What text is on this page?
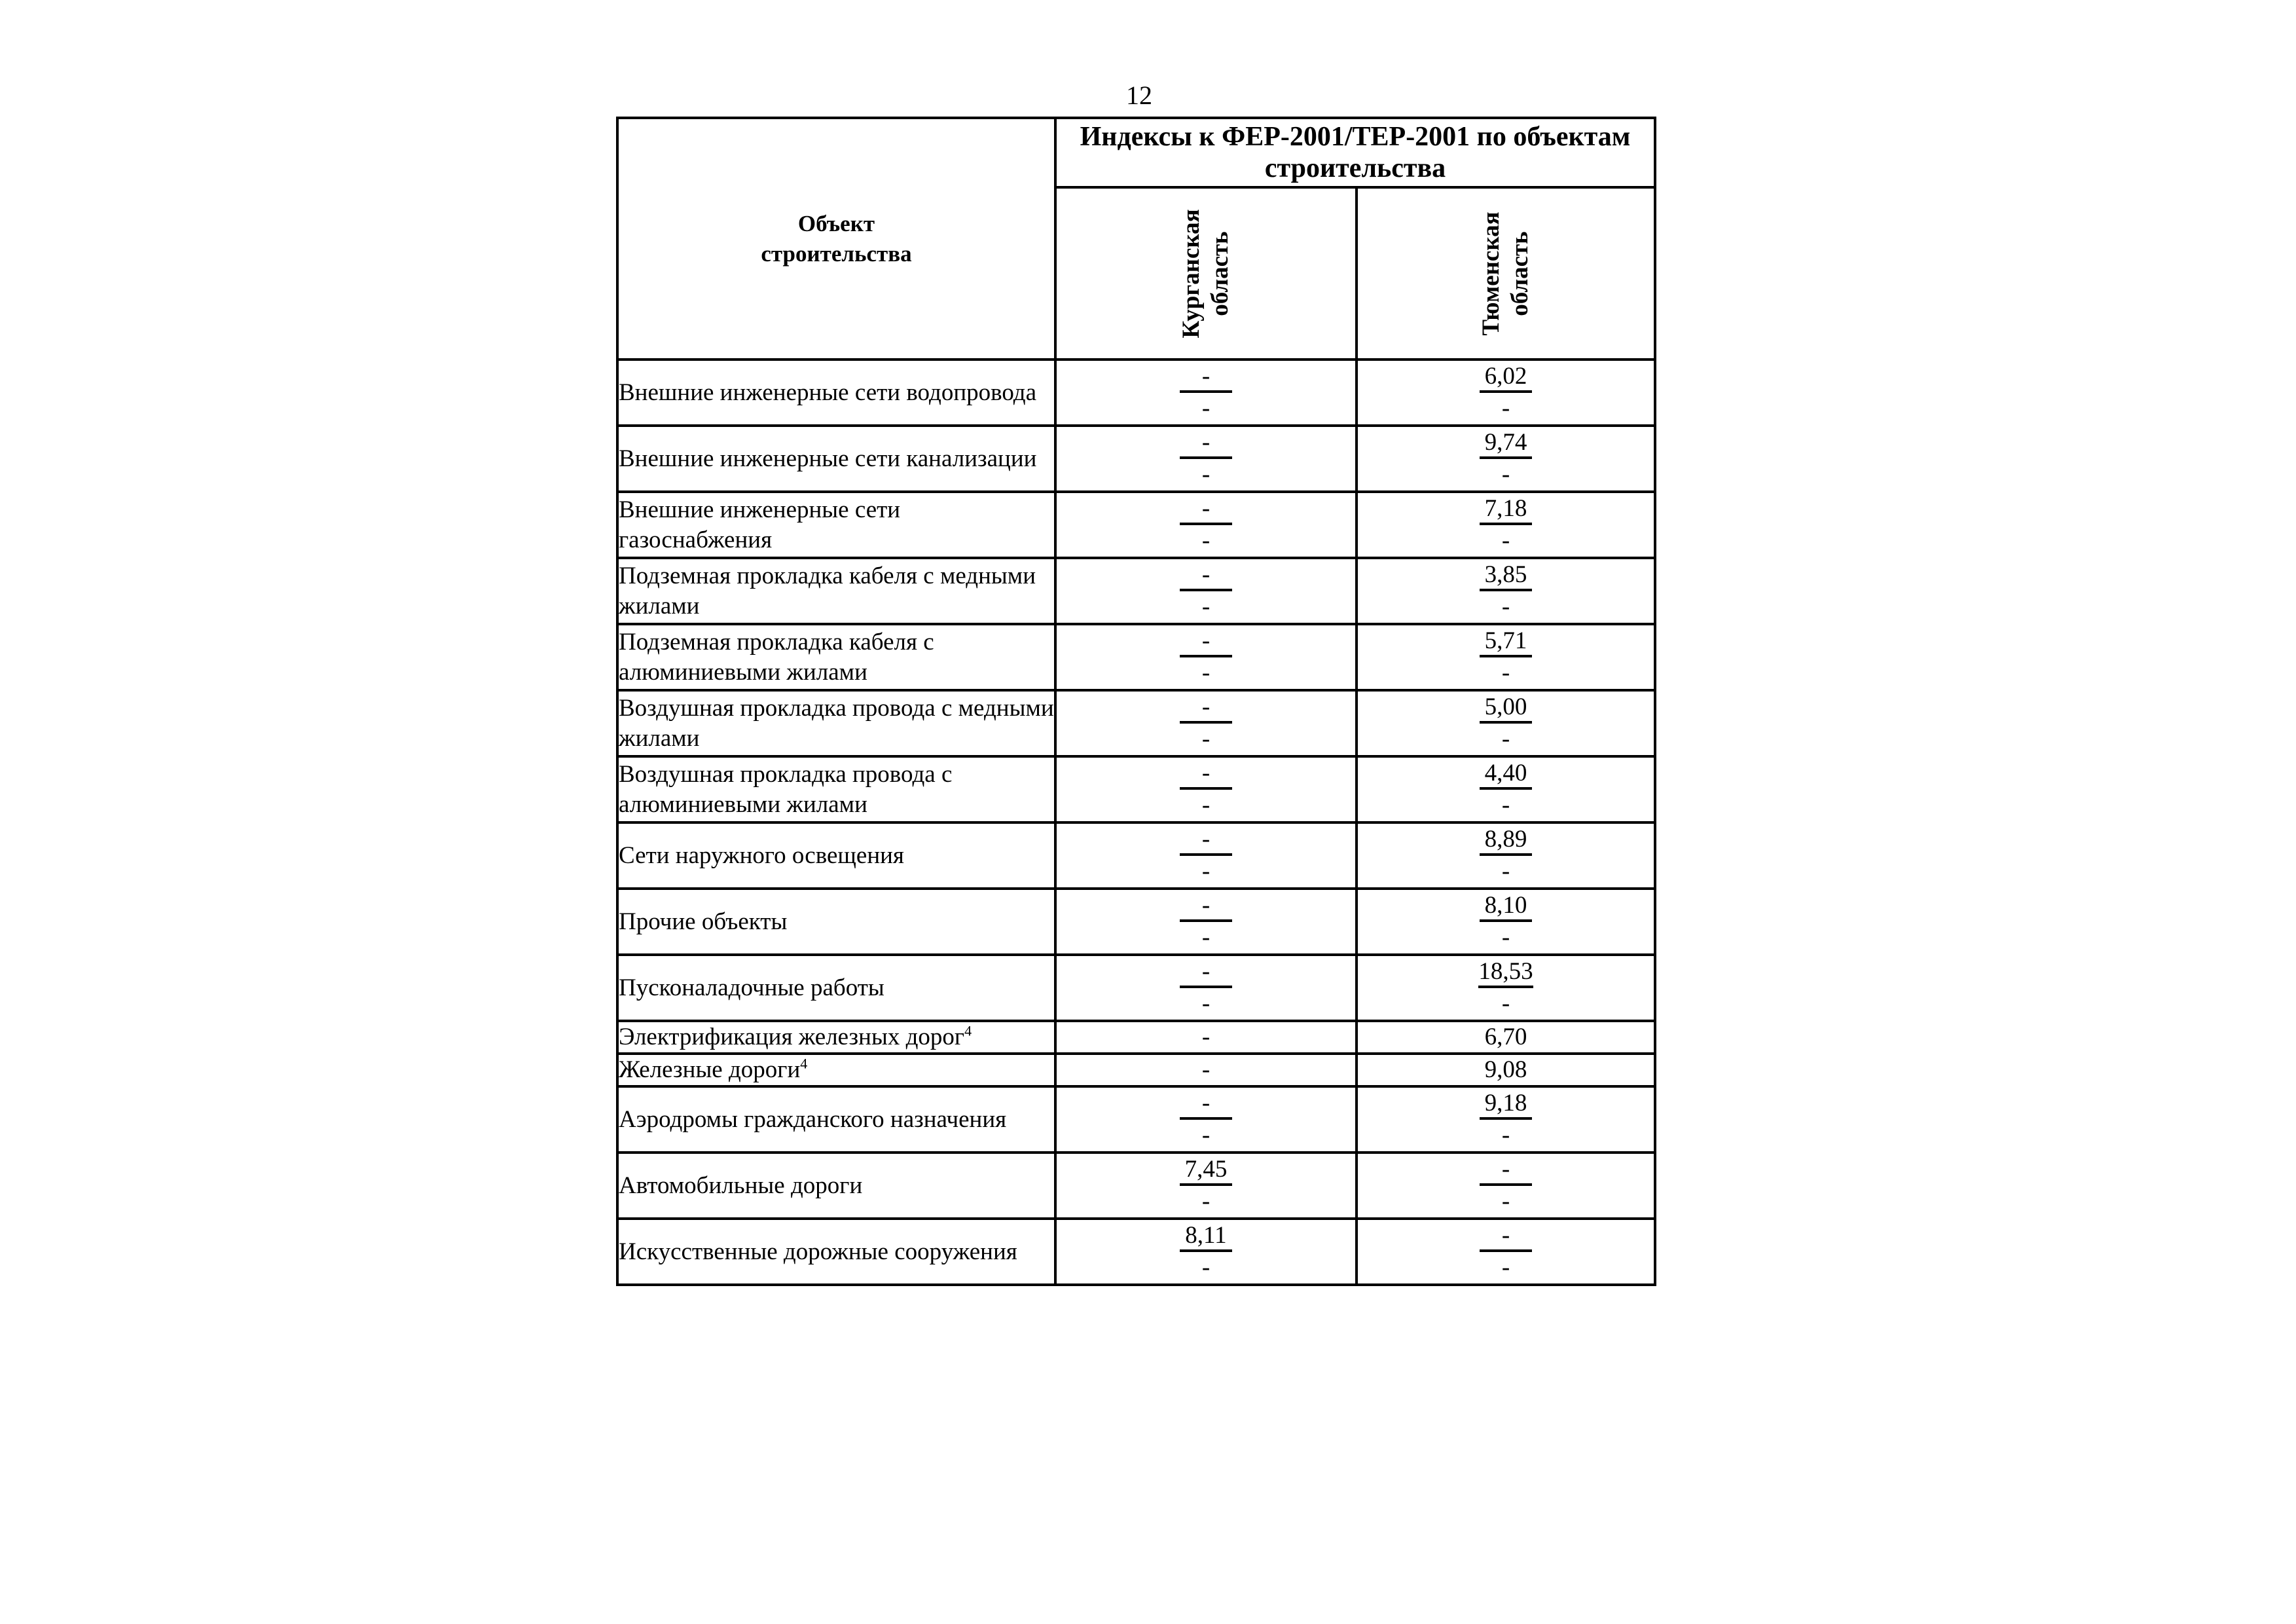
12
Объект
строительства	Индексы к ФЕР-2001/ТЕР-2001 по объектам строительства	

	Курганская область	Тюменская область

Внешние инженерные сети водопровода	$\frac{-}{-}$	$\frac{6,02}{-}$

Внешние инженерные сети канализации	$\frac{-}{-}$	$\frac{9,74}{-}$

Внешние инженерные сети газоснабжения	$\frac{-}{-}$	$\frac{7,18}{-}$

Подземная прокладка кабеля с медными жилами	$\frac{-}{-}$	$\frac{3,85}{-}$

Подземная прокладка кабеля с алюминиевыми жилами	$\frac{-}{-}$	$\frac{5,71}{-}$

Воздушная прокладка провода с медными жилами	$\frac{-}{-}$	$\frac{5,00}{-}$

Воздушная прокладка провода с алюминиевыми жилами	$\frac{-}{-}$	$\frac{4,40}{-}$

Сети наружного освещения	$\frac{-}{-}$	$\frac{8,89}{-}$

Прочие объекты	$\frac{-}{-}$	$\frac{8,10}{-}$

Пусконаладочные работы	$\frac{-}{-}$	$\frac{18,53}{-}$

Электрификация железных дорог$^4$	-	6,70
Железные дороги$^4$	-	9,08
Аэродромы гражданского назначения	$\frac{-}{-}$	$\frac{9,18}{-}$

Автомобильные дороги	$\frac{7,45}{-}$	$\frac{-}{-}$

Искусственные дорожные сооружения	$\frac{8,11}{-}$	$\frac{-}{-}$
